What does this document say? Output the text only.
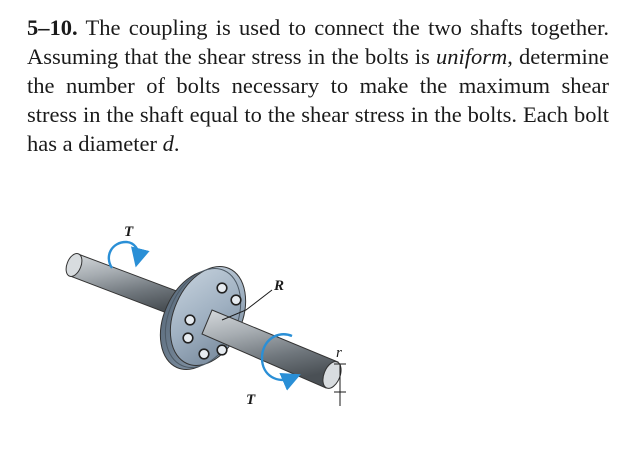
5–10. The coupling is used to connect the two shafts together. Assuming that the shear stress in the bolts is uniform, determine the number of bolts necessary to make the maximum shear stress in the shaft equal to the shear stress in the bolts. Each bolt has a diameter d.

T
T
R
r
